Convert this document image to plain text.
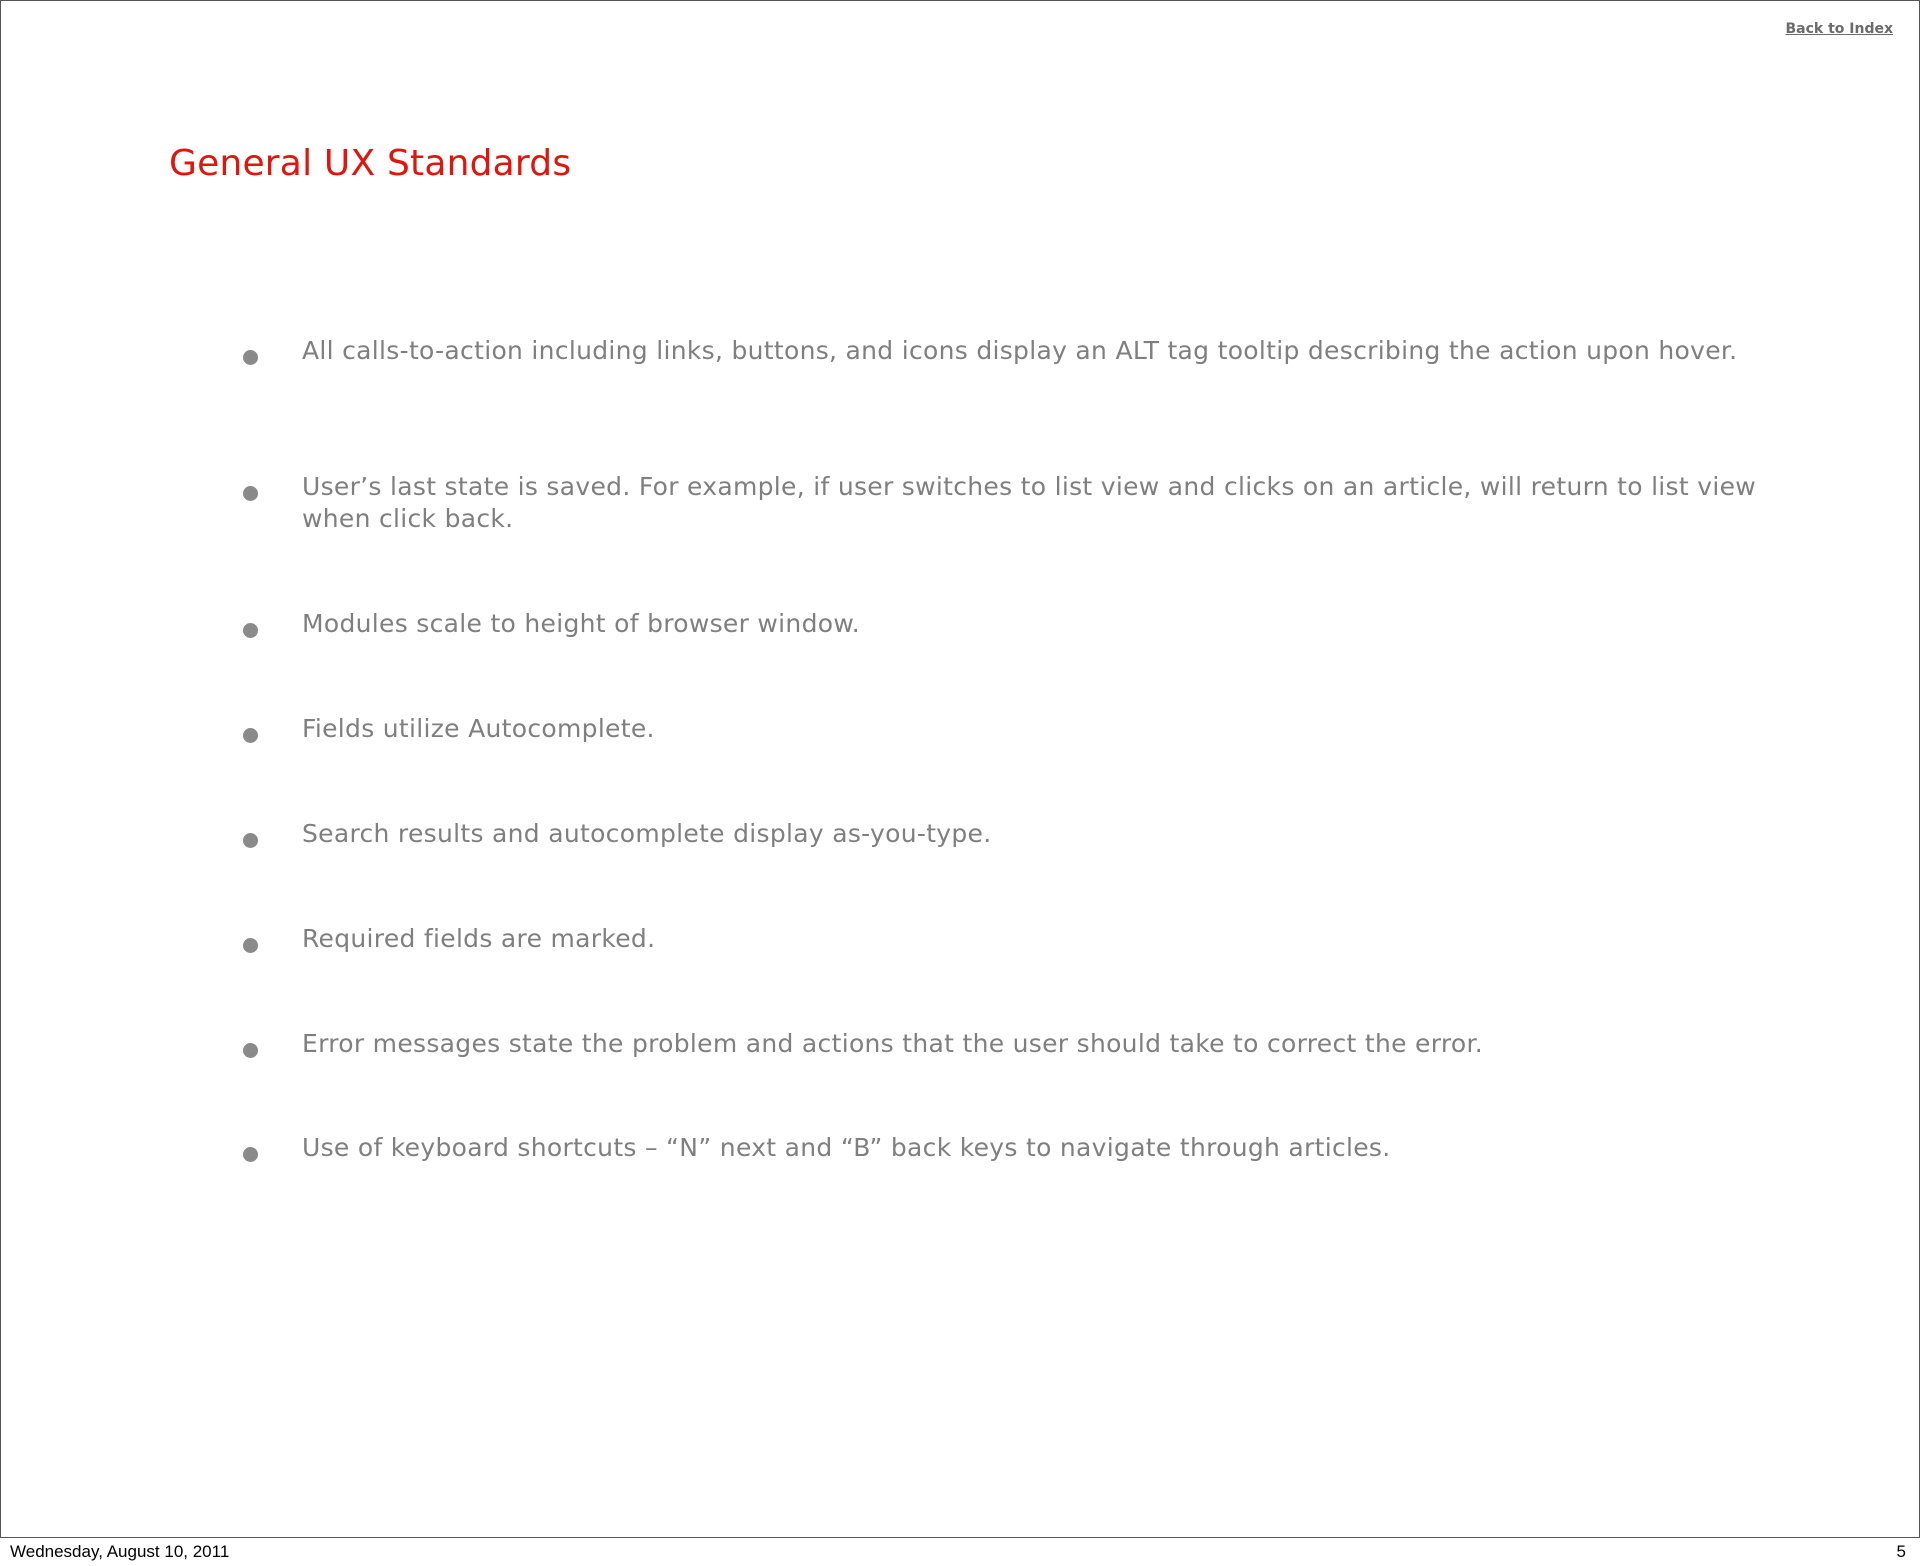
Back to Index
General UX Standards
All calls-to-action including links, buttons, and icons display an ALT tag tooltip describing the action upon hover.
User’s last state is saved. For example, if user switches to list view and clicks on an article, will return to list view when click back.
Modules scale to height of browser window.
Fields utilize Autocomplete.
Search results and autocomplete display as-you-type.
Required fields are marked.
Error messages state the problem and actions that the user should take to correct the error.
Use of keyboard shortcuts – “N” next and “B” back keys to navigate through articles.
Wednesday, August 10, 2011	5
